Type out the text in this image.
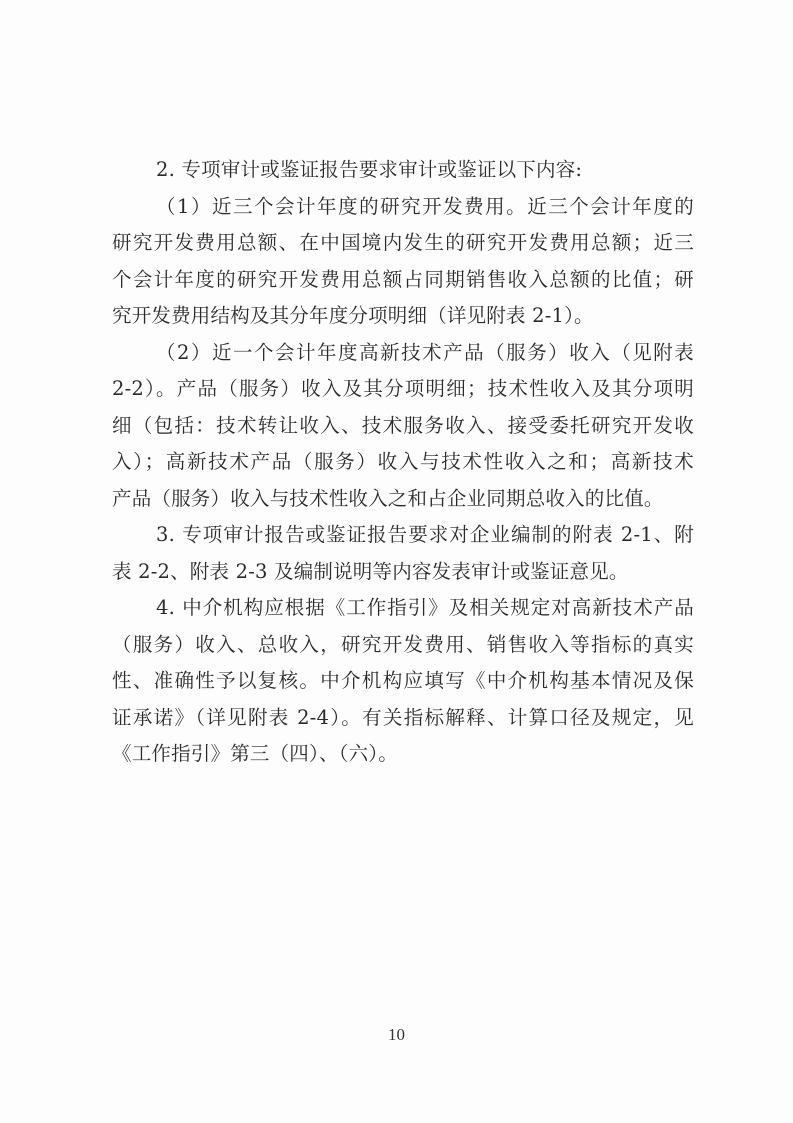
2. 专项审计或鉴证报告要求审计或鉴证以下内容:
（1）近三个会计年度的研究开发费用。近三个会计年度的
研究开发费用总额、在中国境内发生的研究开发费用总额；近三
个会计年度的研究开发费用总额占同期销售收入总额的比值；研
究开发费用结构及其分年度分项明细（详见附表 2-1）。
（2）近一个会计年度高新技术产品（服务）收入（见附表
2-2）。产品（服务）收入及其分项明细；技术性收入及其分项明
细（包括：技术转让收入、技术服务收入、接受委托研究开发收
入）；高新技术产品（服务）收入与技术性收入之和；高新技术
产品（服务）收入与技术性收入之和占企业同期总收入的比值。
3. 专项审计报告或鉴证报告要求对企业编制的附表 2-1、附
表 2-2、附表 2-3 及编制说明等内容发表审计或鉴证意见。
4. 中介机构应根据《工作指引》及相关规定对高新技术产品
（服务）收入、总收入，研究开发费用、销售收入等指标的真实
性、准确性予以复核。中介机构应填写《中介机构基本情况及保
证承诺》（详见附表 2-4）。有关指标解释、计算口径及规定，见
《工作指引》第三（四）、（六）。
10
